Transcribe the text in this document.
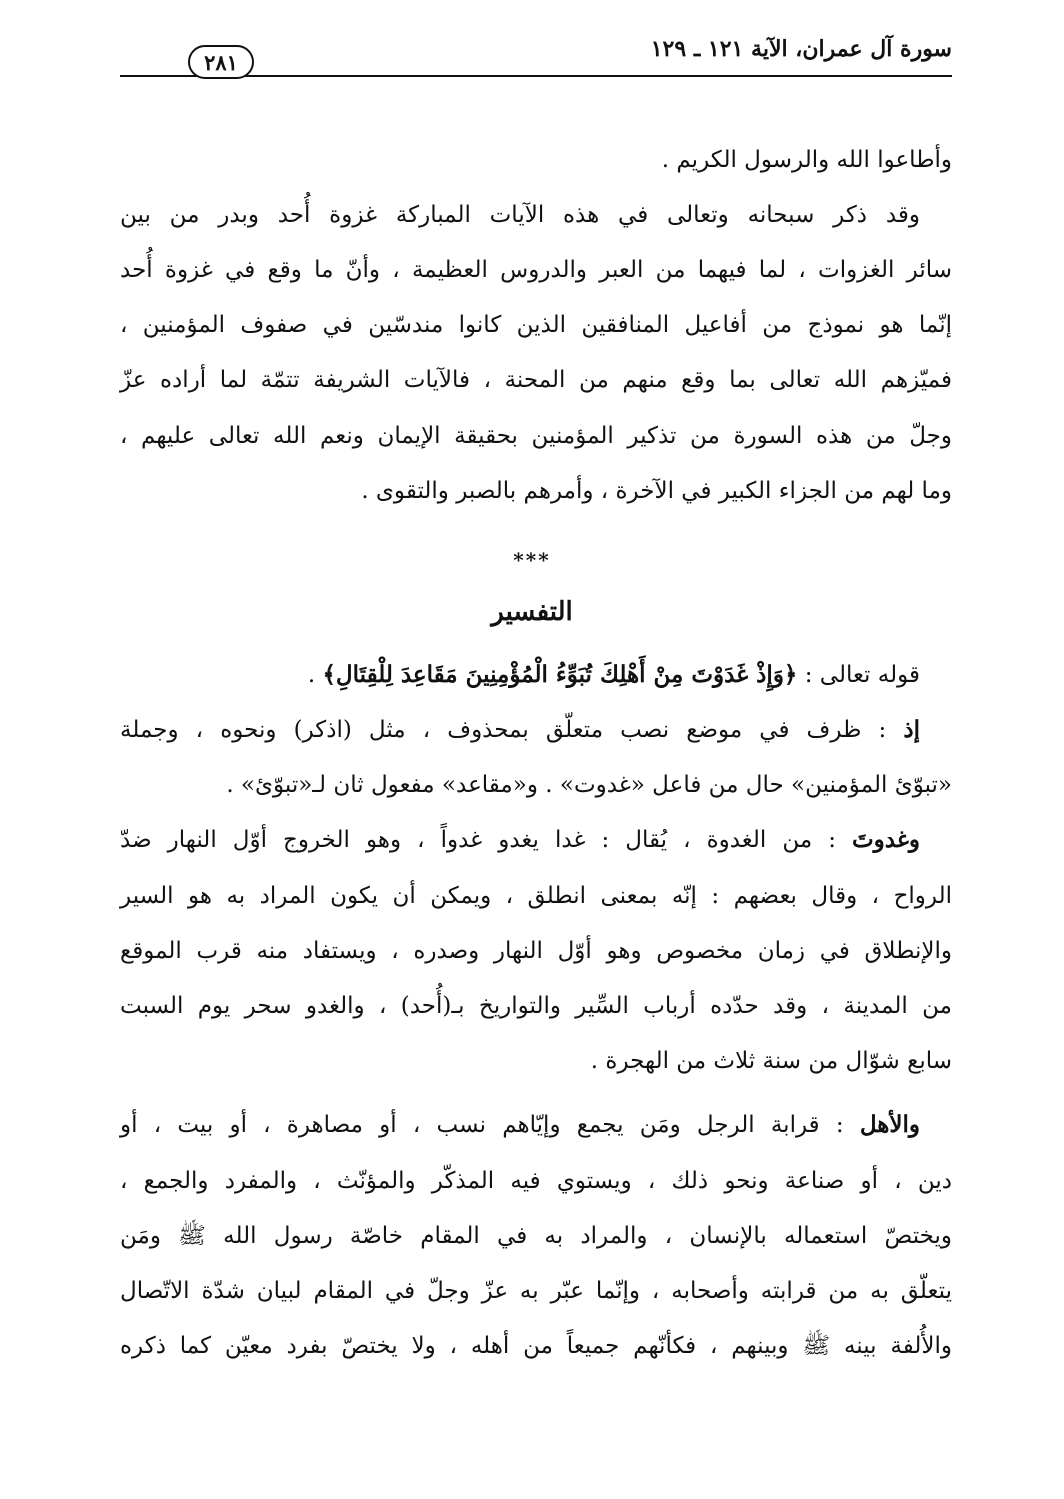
سورة آل عمران، الآية ١٢١ ـ ١٢٩
٢٨١
وأطاعوا الله والرسول الكريم .
وقد ذكر سبحانه وتعالى في هذه الآيات المباركة غزوة أُحد وبدر من بين
سائر الغزوات ، لما فيهما من العبر والدروس العظيمة ، وأنّ ما وقع في غزوة أُحد
إنّما هو نموذج من أفاعيل المنافقين الذين كانوا مندسّين في صفوف المؤمنين ،
فميّزهم الله تعالى بما وقع منهم من المحنة ، فالآيات الشريفة تتمّة لما أراده عزّ
وجلّ من هذه السورة من تذكير المؤمنين بحقيقة الإيمان ونعم الله تعالى عليهم ،
وما لهم من الجزاء الكبير في الآخرة ، وأمرهم بالصبر والتقوى .
***
التفسير
قوله تعالى : ﴿وَإِذْ غَدَوْتَ مِنْ أَهْلِكَ تُبَوِّءُ الْمُؤْمِنِينَ مَقَاعِدَ لِلْقِتَالِ﴾ .
إذ : ظرف في موضع نصب متعلّق بمحذوف ، مثل (اذكر) ونحوه ، وجملة
«تبوّئ المؤمنين» حال من فاعل «غدوت» . و«مقاعد» مفعول ثان لـ«تبوّئ» .
وغدوتَ : من الغدوة ، يُقال : غدا يغدو غدواً ، وهو الخروج أوّل النهار ضدّ
الرواح ، وقال بعضهم : إنّه بمعنى انطلق ، ويمكن أن يكون المراد به هو السير
والإنطلاق في زمان مخصوص وهو أوّل النهار وصدره ، ويستفاد منه قرب الموقع
من المدينة ، وقد حدّده أرباب السِّير والتواريخ بـ(أُحد) ، والغدو سحر يوم السبت
سابع شوّال من سنة ثلاث من الهجرة .
والأهل : قرابة الرجل ومَن يجمع وإيّاهم نسب ، أو مصاهرة ، أو بيت ، أو
دين ، أو صناعة ونحو ذلك ، ويستوي فيه المذكّر والمؤنّث ، والمفرد والجمع ،
ويختصّ استعماله بالإنسان ، والمراد به في المقام خاصّة رسول الله ﷺ ومَن
يتعلّق به من قرابته وأصحابه ، وإنّما عبّر به عزّ وجلّ في المقام لبيان شدّة الاتّصال
والأُلفة بينه ﷺ وبينهم ، فكأنّهم جميعاً من أهله ، ولا يختصّ بفرد معيّن كما ذكره
